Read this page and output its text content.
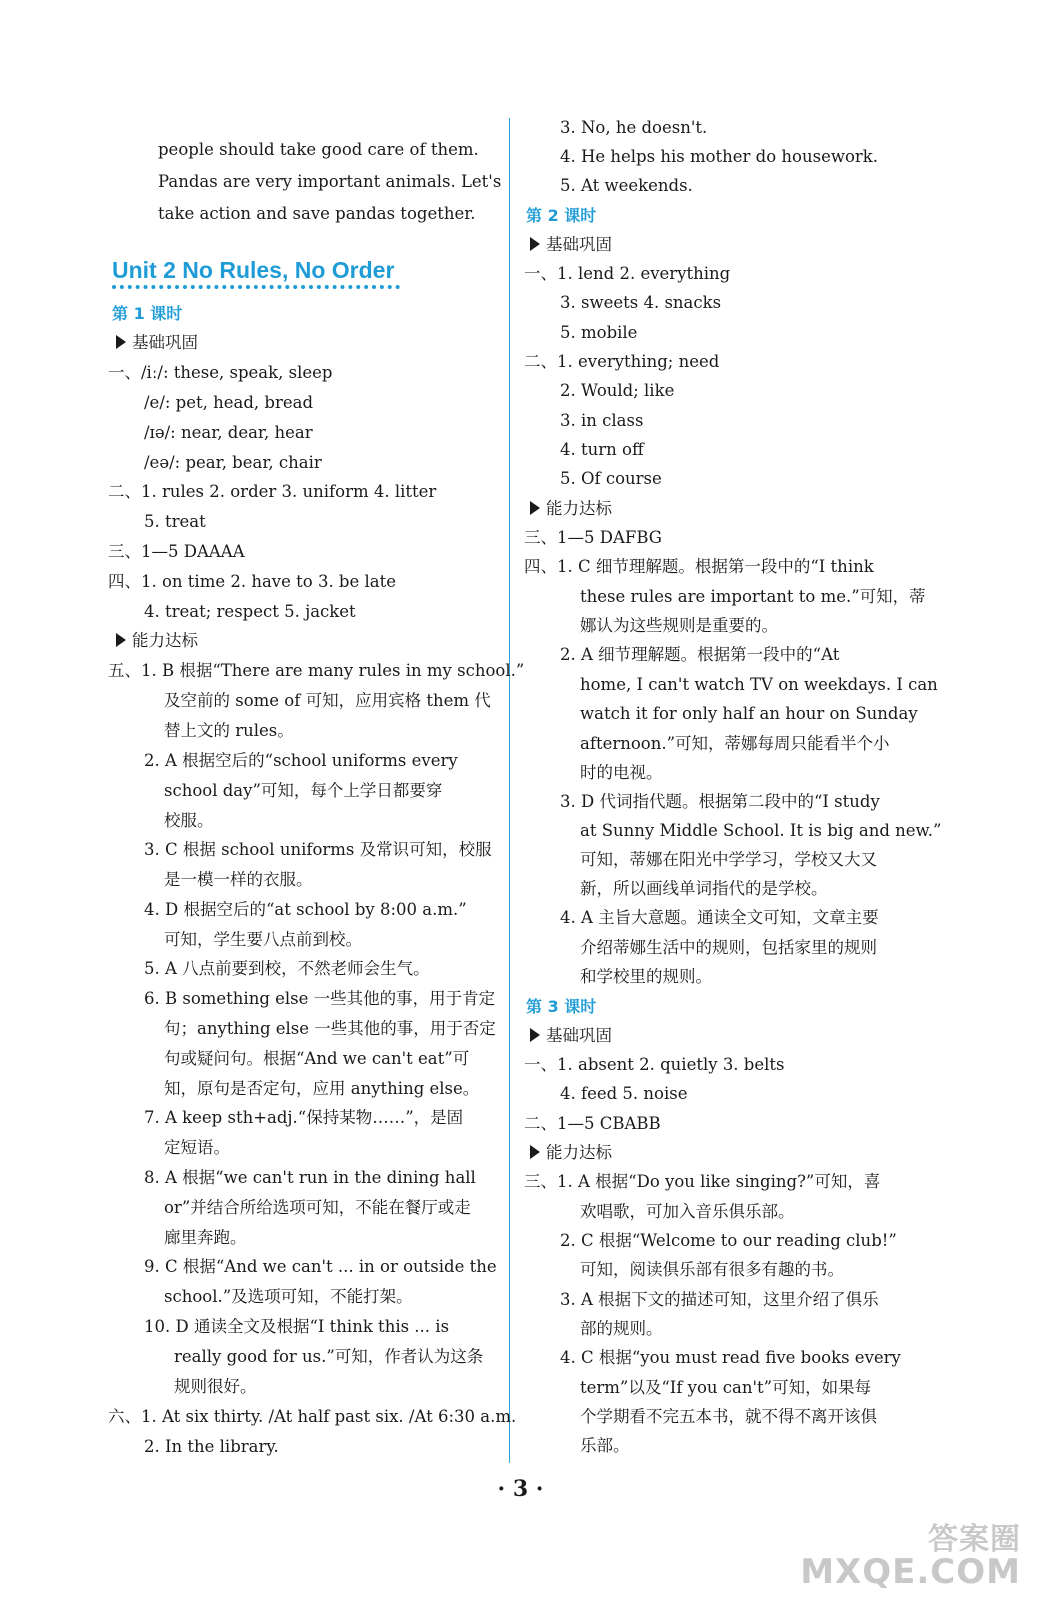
people should take good care of them.
Pandas are very important animals. Let's
take action and save pandas together.
Unit 2 No Rules, No Order
第 1 课时
基础巩固
一、/iː/: these, speak, sleep
/e/: pet, head, bread
/ɪə/: near, dear, hear
/eə/: pear, bear, chair
二、1. rules 2. order 3. uniform 4. litter
5. treat
三、1—5 DAAAA
四、1. on time 2. have to 3. be late
4. treat; respect 5. jacket
能力达标
五、1. B 根据“There are many rules in my school.”
及空前的 some of 可知，应用宾格 them 代
替上文的 rules。
2. A 根据空后的“school uniforms every
school day”可知，每个上学日都要穿
校服。
3. C 根据 school uniforms 及常识可知，校服
是一模一样的衣服。
4. D 根据空后的“at school by 8:00 a.m.”
可知，学生要八点前到校。
5. A 八点前要到校，不然老师会生气。
6. B something else 一些其他的事，用于肯定
句；anything else 一些其他的事，用于否定
句或疑问句。根据“And we can't eat”可
知，原句是否定句，应用 anything else。
7. A keep sth+adj.“保持某物……”，是固
定短语。
8. A 根据“we can't run in the dining hall
or”并结合所给选项可知，不能在餐厅或走
廊里奔跑。
9. C 根据“And we can't ... in or outside the
school.”及选项可知，不能打架。
10. D 通读全文及根据“I think this ... is
really good for us.”可知，作者认为这条
规则很好。
六、1. At six thirty. /At half past six. /At 6:30 a.m.
2. In the library.
3. No, he doesn't.
4. He helps his mother do housework.
5. At weekends.
第 2 课时
基础巩固
一、1. lend 2. everything
3. sweets 4. snacks
5. mobile
二、1. everything; need
2. Would; like
3. in class
4. turn off
5. Of course
能力达标
三、1—5 DAFBG
四、1. C 细节理解题。根据第一段中的“I think
these rules are important to me.”可知，蒂
娜认为这些规则是重要的。
2. A 细节理解题。根据第一段中的“At
home, I can't watch TV on weekdays. I can
watch it for only half an hour on Sunday
afternoon.”可知，蒂娜每周只能看半个小
时的电视。
3. D 代词指代题。根据第二段中的“I study
at Sunny Middle School. It is big and new.”
可知，蒂娜在阳光中学学习，学校又大又
新，所以画线单词指代的是学校。
4. A 主旨大意题。通读全文可知，文章主要
介绍蒂娜生活中的规则，包括家里的规则
和学校里的规则。
第 3 课时
基础巩固
一、1. absent 2. quietly 3. belts
4. feed 5. noise
二、1—5 CBABB
能力达标
三、1. A 根据“Do you like singing?”可知，喜
欢唱歌，可加入音乐俱乐部。
2. C 根据“Welcome to our reading club!”
可知，阅读俱乐部有很多有趣的书。
3. A 根据下文的描述可知，这里介绍了俱乐
部的规则。
4. C 根据“you must read five books every
term”以及“If you can't”可知，如果每
个学期看不完五本书，就不得不离开该俱
乐部。
· 3 ·
答案圈
MXQE.COM
